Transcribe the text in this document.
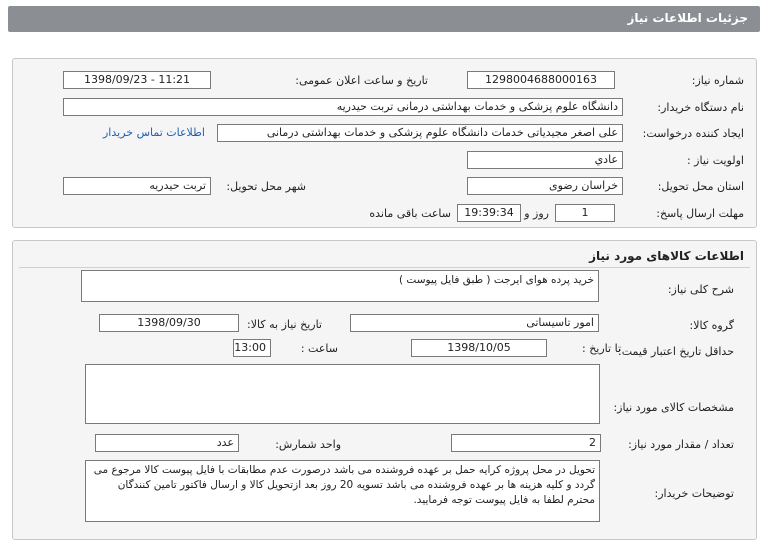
جزئیات اطلاعات نیاز
شماره نیاز:
1298004688000163
تاریخ و ساعت اعلان عمومی:
1398/09/23 - 11:21
نام دستگاه خریدار:
دانشگاه علوم پزشکی و خدمات بهداشتی درمانی تربت حیدریه
ایجاد کننده درخواست:
علی اصغر مجیدیاتی خدمات دانشگاه علوم پزشکی و خدمات بهداشتی درمانی
اطلاعات تماس خریدار
اولویت نیاز :
عادي
استان محل تحویل:
خراسان رضوی
شهر محل تحویل:
تربت حیدریه
مهلت ارسال پاسخ:
1
روز و
19:39:34
ساعت باقی مانده
اطلاعات کالاهای مورد نیاز
شرح کلی نیاز:
خرید پرده هوای ایرجت ( طبق فایل پیوست )
گروه کالا:
امور تاسیساتی
تاریخ نیاز به کالا:
1398/09/30
حداقل تاریخ اعتبار قیمت:
تا تاریخ :
1398/10/05
ساعت :
13:00
مشخصات کالای مورد نیاز:
تعداد / مقدار مورد نیاز:
2
واحد شمارش:
عدد
توضیحات خریدار:
تحویل در محل پروژه کرایه حمل بر عهده فروشنده می باشد درصورت عدم مطابقات با فایل پیوست کالا مرجوع می گردد و کلیه هزینه ها بر عهده فروشنده می باشد تسویه 20 روز بعد ازتحویل کالا و ارسال فاکتور تامین کنندگان محترم لطفا به فایل پیوست توجه فرمایید.
